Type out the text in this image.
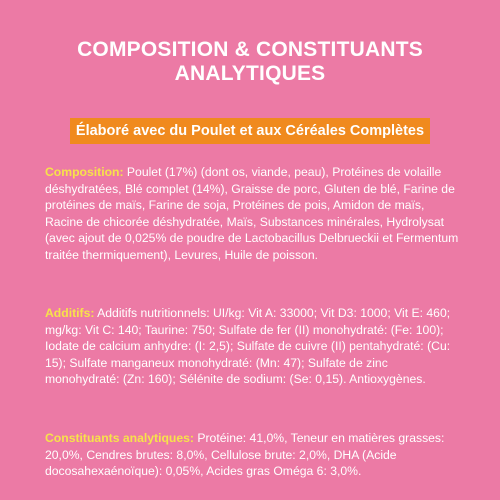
COMPOSITION & CONSTITUANTS
ANALYTIQUES
Élaboré avec du Poulet et aux Céréales Complètes
Composition: Poulet (17%) (dont os, viande, peau), Protéines de volaille déshydratées, Blé complet (14%), Graisse de porc, Gluten de blé, Farine de protéines de maïs, Farine de soja, Protéines de pois, Amidon de maïs, Racine de chicorée déshydratée, Maïs, Substances minérales, Hydrolysat (avec ajout de 0,025% de poudre de Lactobacillus Delbrueckii et Fermentum traitée thermiquement), Levures, Huile de poisson.
Additifs: Additifs nutritionnels: UI/kg: Vit A: 33000; Vit D3: 1000; Vit E: 460; mg/kg: Vit C: 140; Taurine: 750; Sulfate de fer (II) monohydraté: (Fe: 100); Iodate de calcium anhydre: (I: 2,5); Sulfate de cuivre (II) pentahydraté: (Cu: 15); Sulfate manganeux monohydraté: (Mn: 47); Sulfate de zinc monohydraté: (Zn: 160); Sélénite de sodium: (Se: 0,15). Antioxygènes.
Constituants analytiques: Protéine: 41,0%, Teneur en matières grasses: 20,0%, Cendres brutes: 8,0%, Cellulose brute: 2,0%, DHA (Acide docosahexaénoïque): 0,05%, Acides gras Oméga 6: 3,0%.
